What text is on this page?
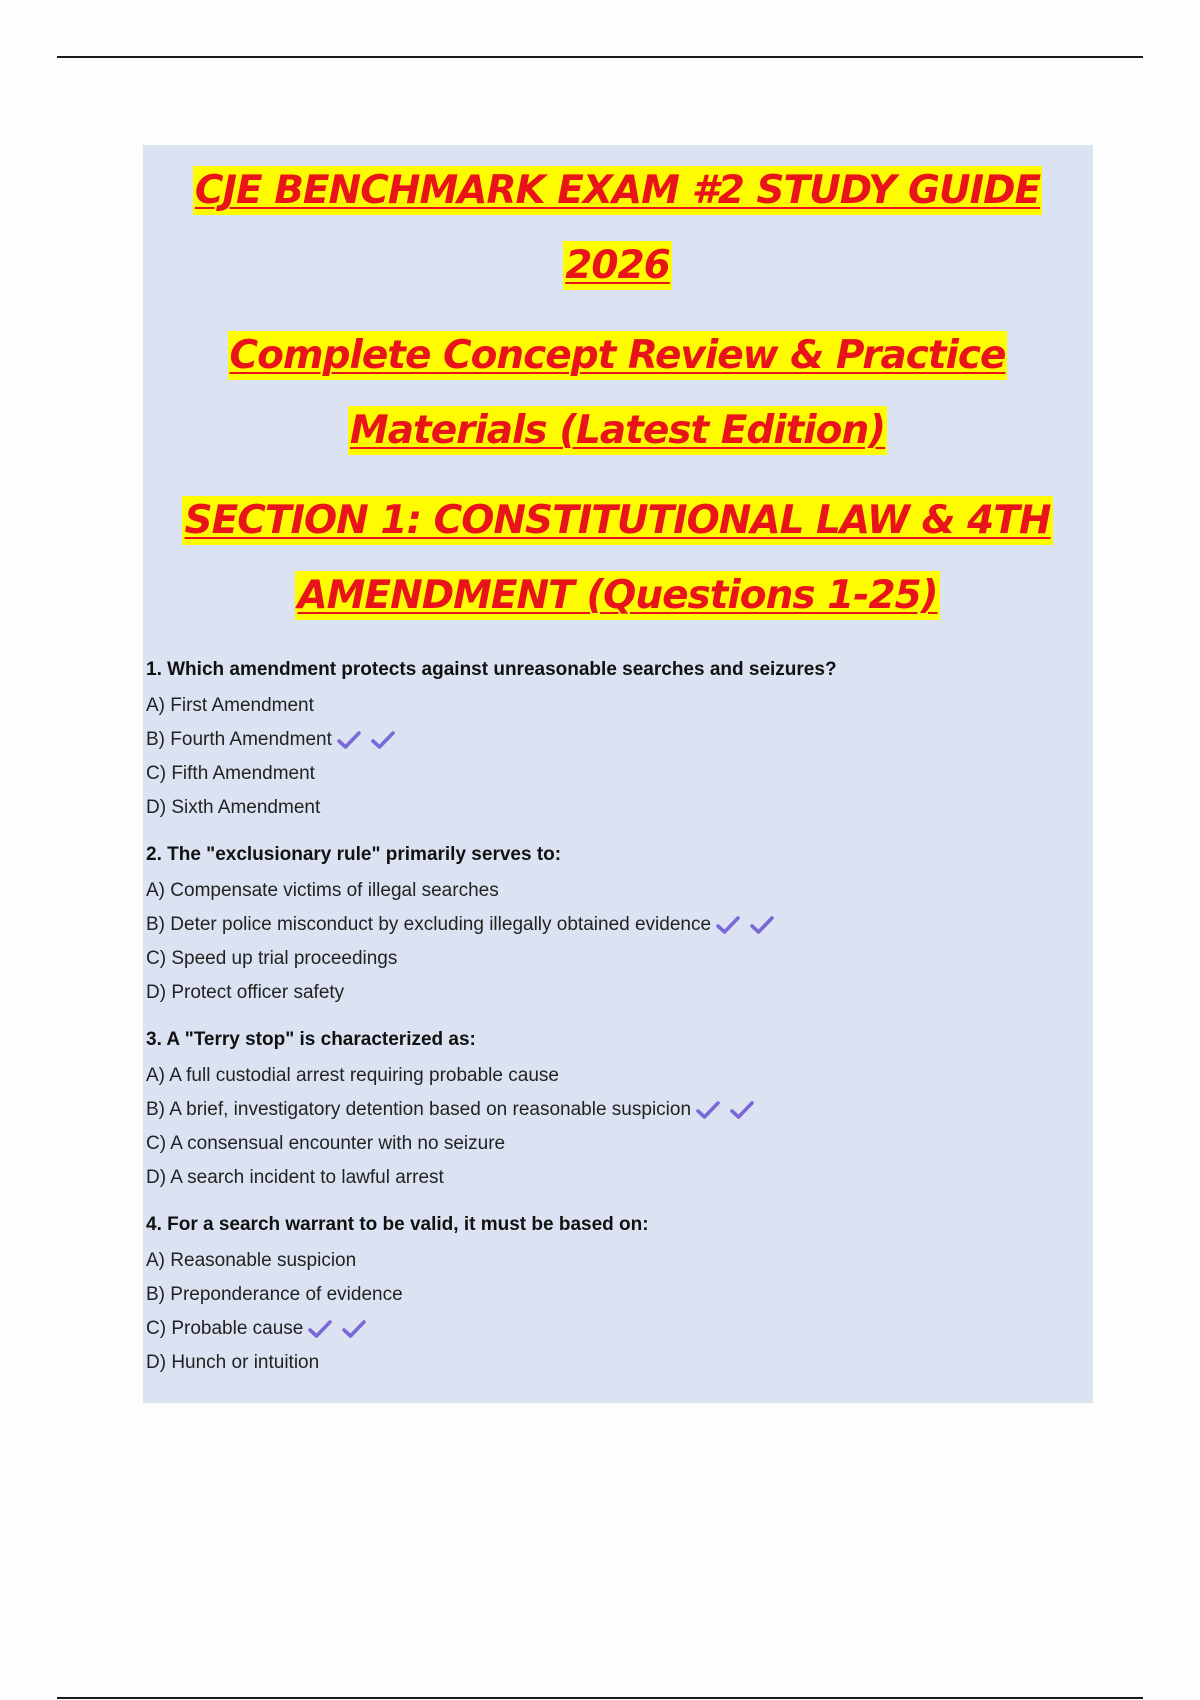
CJE BENCHMARK EXAM #2 STUDY GUIDE
2026
Complete Concept Review & Practice
Materials (Latest Edition)
SECTION 1: CONSTITUTIONAL LAW & 4TH
AMENDMENT (Questions 1-25)
1. Which amendment protects against unreasonable searches and seizures?
A) First Amendment
B) Fourth Amendment
C) Fifth Amendment
D) Sixth Amendment
2. The "exclusionary rule" primarily serves to:
A) Compensate victims of illegal searches
B) Deter police misconduct by excluding illegally obtained evidence
C) Speed up trial proceedings
D) Protect officer safety
3. A "Terry stop" is characterized as:
A) A full custodial arrest requiring probable cause
B) A brief, investigatory detention based on reasonable suspicion
C) A consensual encounter with no seizure
D) A search incident to lawful arrest
4. For a search warrant to be valid, it must be based on:
A) Reasonable suspicion
B) Preponderance of evidence
C) Probable cause
D) Hunch or intuition
